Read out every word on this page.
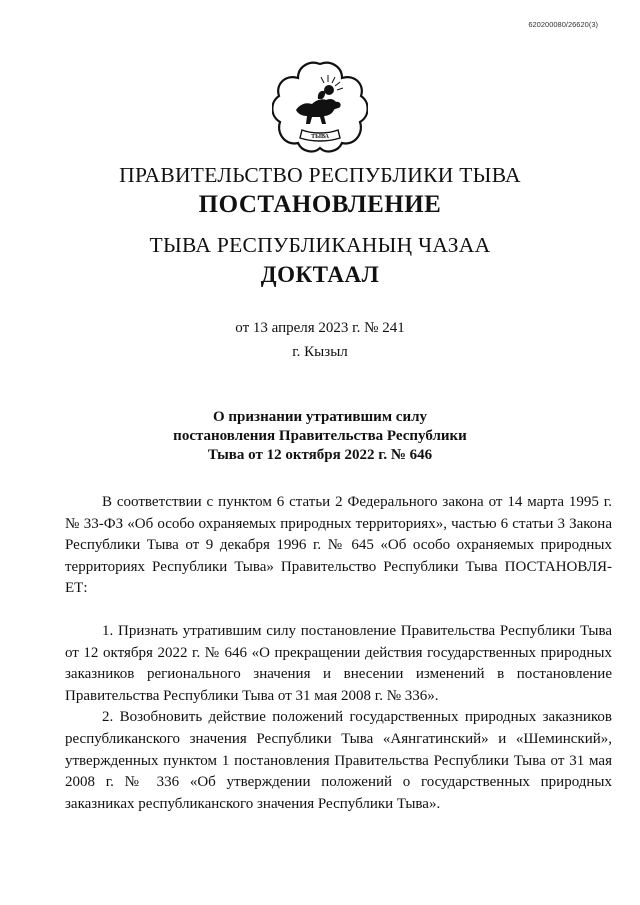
620200080/26620(3)
ТЫВА
ПРАВИТЕЛЬСТВО РЕСПУБЛИКИ ТЫВА
ПОСТАНОВЛЕНИЕ
ТЫВА РЕСПУБЛИКАНЫҢ ЧАЗАА
ДОКТААЛ
от 13 апреля 2023 г. № 241
г. Кызыл
О признании утратившим силу
постановления Правительства Республики
Тыва от 12 октября 2022 г. № 646

В соответствии с пунктом 6 статьи 2 Федерального закона от 14 марта 1995 г. № 33-ФЗ «Об особо охраняемых природных территориях», частью 6 статьи 3 Закона Республики Тыва от 9 декабря 1996 г. № 645 «Об особо охраняемых природных территориях Республики Тыва» Правительство Республики Тыва ПОСТАНОВЛЯ-ЕТ:

1. Признать утратившим силу постановление Правительства Республики Тыва от 12 октября 2022 г. № 646 «О прекращении действия государственных природных заказников регионального значения и внесении изменений в постановление Правительства Республики Тыва от 31 мая 2008 г. № 336».

2. Возобновить действие положений государственных природных заказников республиканского значения Республики Тыва «Аянгатинский» и «Шеминский», утвержденных пунктом 1 постановления Правительства Республики Тыва от 31 мая 2008 г. № 336 «Об утверждении положений о государственных природных заказниках республиканского значения Республики Тыва».
